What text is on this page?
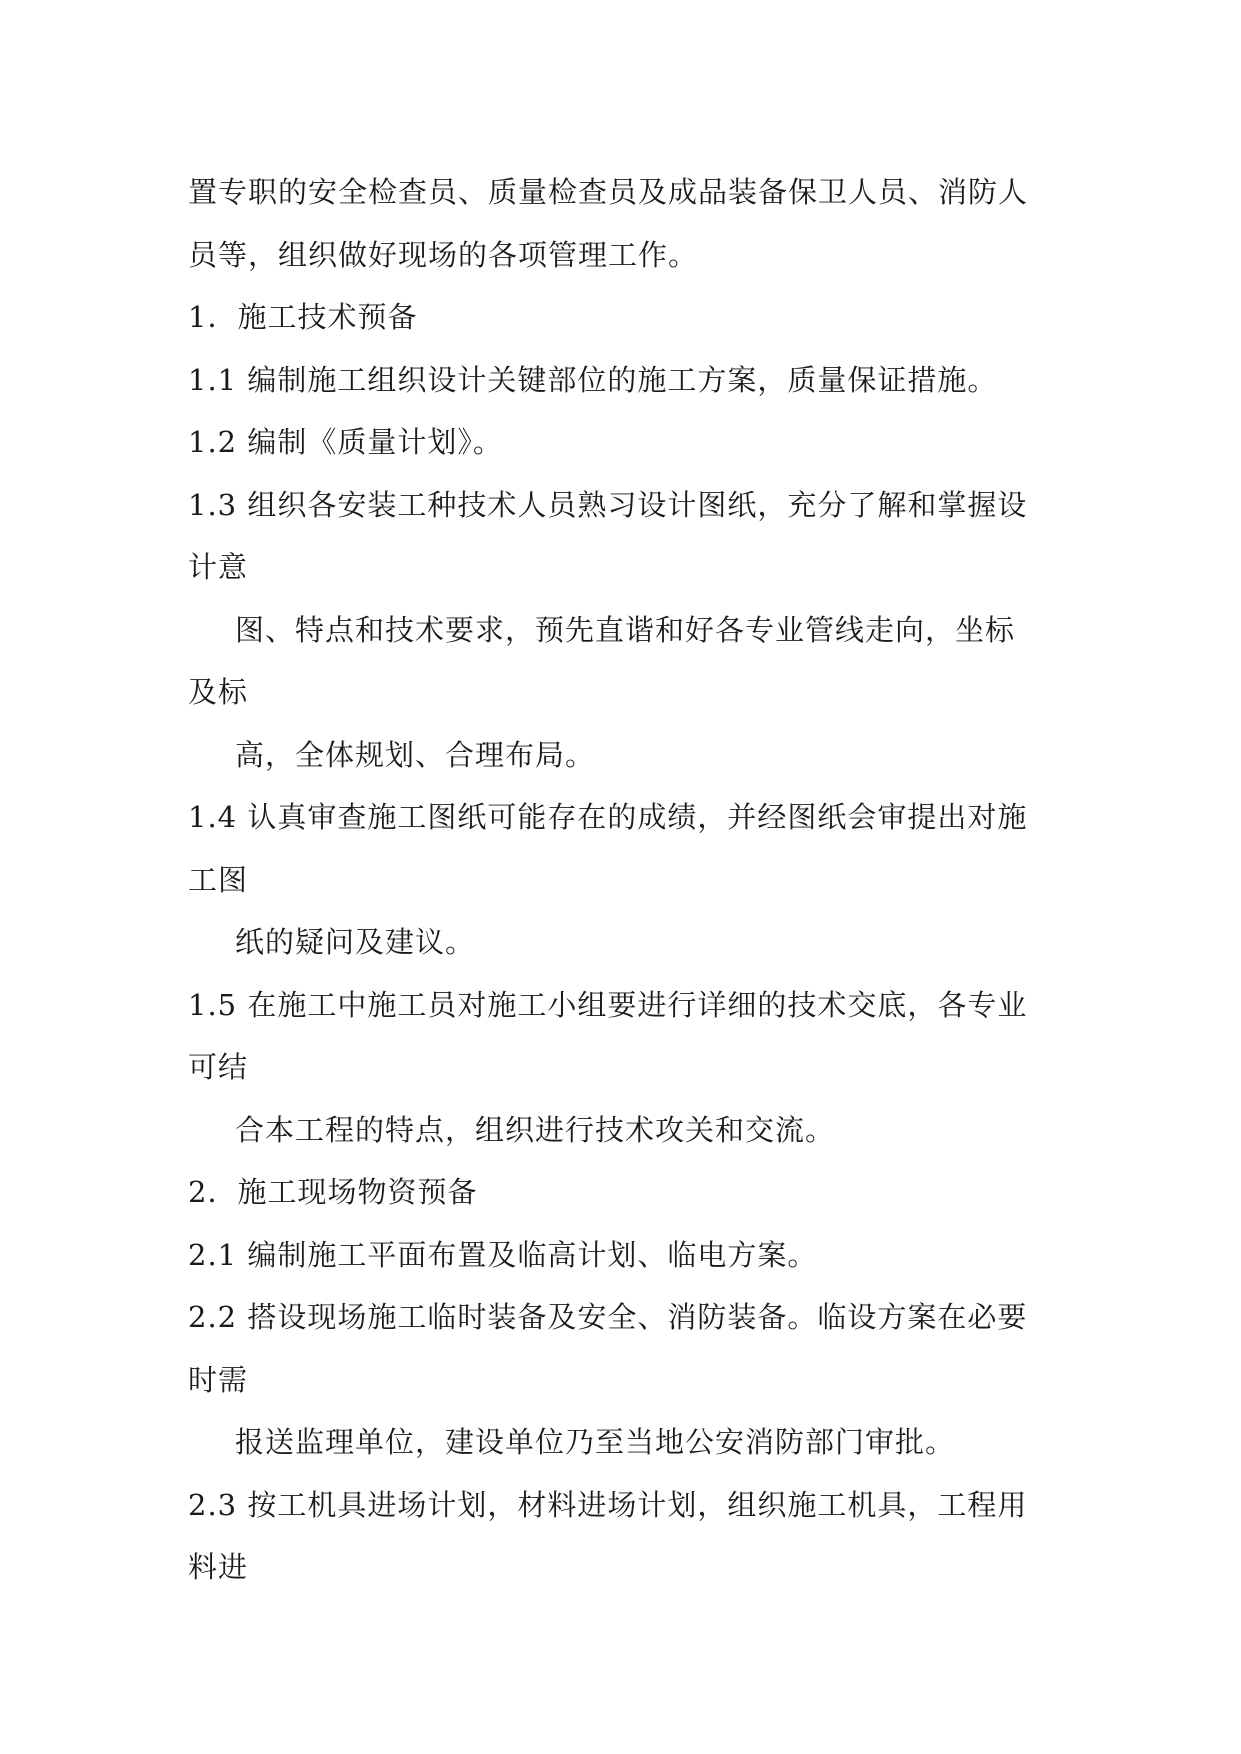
置专职的安全检查员、质量检查员及成品装备保卫人员、消防人
员等，组织做好现场的各项管理工作。
1．施工技术预备
1.1 编制施工组织设计关键部位的施工方案，质量保证措施。
1.2 编制《质量计划》。
1.3 组织各安装工种技术人员熟习设计图纸，充分了解和掌握设
计意
图、特点和技术要求，预先直谐和好各专业管线走向，坐标
及标
高，全体规划、合理布局。
1.4 认真审查施工图纸可能存在的成绩，并经图纸会审提出对施
工图
纸的疑问及建议。
1.5 在施工中施工员对施工小组要进行详细的技术交底，各专业
可结
合本工程的特点，组织进行技术攻关和交流。
2．施工现场物资预备
2.1 编制施工平面布置及临高计划、临电方案。
2.2 搭设现场施工临时装备及安全、消防装备。临设方案在必要
时需
报送监理单位，建设单位乃至当地公安消防部门审批。
2.3 按工机具进场计划，材料进场计划，组织施工机具，工程用
料进
